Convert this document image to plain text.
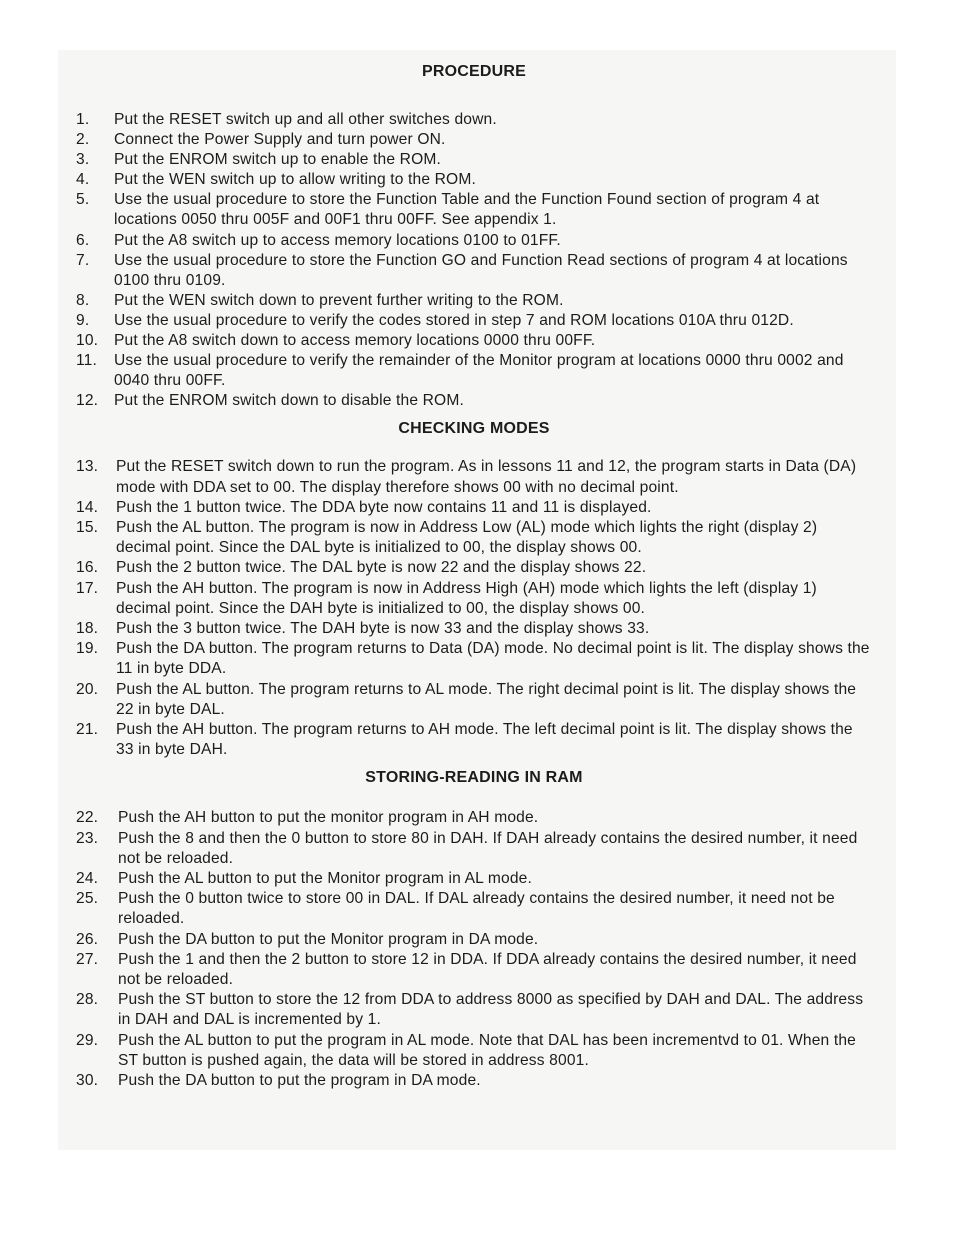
PROCEDURE
1.	Put the RESET switch up and all other switches down.
2.	Connect the Power Supply and turn power ON.
3.	Put the ENROM switch up to enable the ROM.
4.	Put the WEN switch up to allow writing to the ROM.
5.	Use the usual procedure to store the Function Table and the Function Found section of program 4 at locations 0050 thru 005F and 00F1 thru 00FF. See appendix 1.
6.	Put the A8 switch up to access memory locations 0100 to 01FF.
7.	Use the usual procedure to store the Function GO and Function Read sections of program 4 at locations 0100 thru 0109.
8.	Put the WEN switch down to prevent further writing to the ROM.
9.	Use the usual procedure to verify the codes stored in step 7 and ROM locations 010A thru 012D.
10.	Put the A8 switch down to access memory locations 0000 thru 00FF.
11.	Use the usual procedure to verify the remainder of the Monitor program at locations 0000 thru 0002 and 0040 thru 00FF.
12.	Put the ENROM switch down to disable the ROM.
CHECKING MODES
13.	Put the RESET switch down to run the program. As in lessons 11 and 12, the program starts in Data (DA) mode with DDA set to 00. The display therefore shows 00 with no decimal point.
14.	Push the 1 button twice. The DDA byte now contains 11 and 11 is displayed.
15.	Push the AL button. The program is now in Address Low (AL) mode which lights the right (display 2) decimal point. Since the DAL byte is initialized to 00, the display shows 00.
16.	Push the 2 button twice. The DAL byte is now 22 and the display shows 22.
17.	Push the AH button. The program is now in Address High (AH) mode which lights the left (display 1) decimal point. Since the DAH byte is initialized to 00, the display shows 00.
18.	Push the 3 button twice. The DAH byte is now 33 and the display shows 33.
19.	Push the DA button. The program returns to Data (DA) mode. No decimal point is lit. The display shows the 11 in byte DDA.
20.	Push the AL button. The program returns to AL mode. The right decimal point is lit. The display shows the 22 in byte DAL.
21.	Push the AH button. The program returns to AH mode. The left decimal point is lit. The display shows the 33 in byte DAH.
STORING-READING IN RAM
22.	Push the AH button to put the monitor program in AH mode.
23.	Push the 8 and then the 0 button to store 80 in DAH. If DAH already contains the desired number, it need not be reloaded.
24.	Push the AL button to put the Monitor program in AL mode.
25.	Push the 0 button twice to store 00 in DAL. If DAL already contains the desired number, it need not be reloaded.
26.	Push the DA button to put the Monitor program in DA mode.
27.	Push the 1 and then the 2 button to store 12 in DDA. If DDA already contains the desired number, it need not be reloaded.
28.	Push the ST button to store the 12 from DDA to address 8000 as specified by DAH and DAL. The address in DAH and DAL is incremented by 1.
29.	Push the AL button to put the program in AL mode. Note that DAL has been incrementvd to 01. When the ST button is pushed again, the data will be stored in address 8001.
30.	Push the DA button to put the program in DA mode.
